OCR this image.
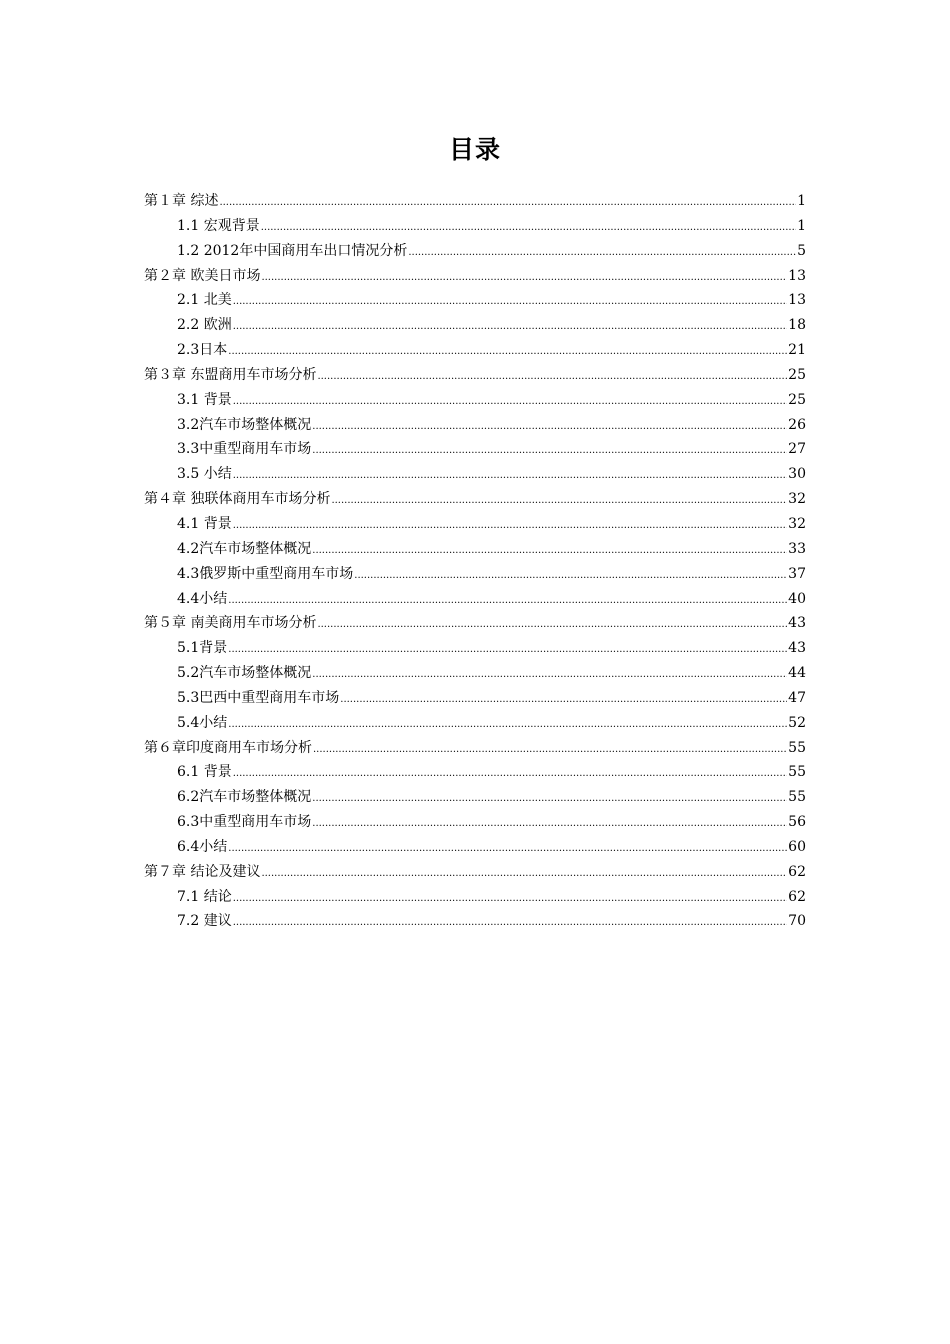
目录
第１章 综述 .....	1
1.1 宏观背景 .....	1
1.2 2012年中国商用车出口情况分析 .....	5
第２章 欧美日市场 .....	13
2.1 北美 .....	13
2.2 欧洲 .....	18
2.3日本 .....	21
第３章 东盟商用车市场分析 .....	25
3.1 背景 .....	25
3.2汽车市场整体概况 .....	26
3.3中重型商用车市场 .....	27
3.5 小结 .....	30
第４章 独联体商用车市场分析 .....	32
4.1 背景 .....	32
4.2汽车市场整体概况 .....	33
4.3俄罗斯中重型商用车市场 .....	37
4.4小结 .....	40
第５章 南美商用车市场分析 .....	43
5.1背景 .....	43
5.2汽车市场整体概况 .....	44
5.3巴西中重型商用车市场 .....	47
5.4小结 .....	52
第６章印度商用车市场分析 .....	55
6.1 背景 .....	55
6.2汽车市场整体概况 .....	55
6.3中重型商用车市场 .....	56
6.4小结 .....	60
第７章 结论及建议 .....	62
7.1 结论 .....	62
7.2 建议 .....	70
